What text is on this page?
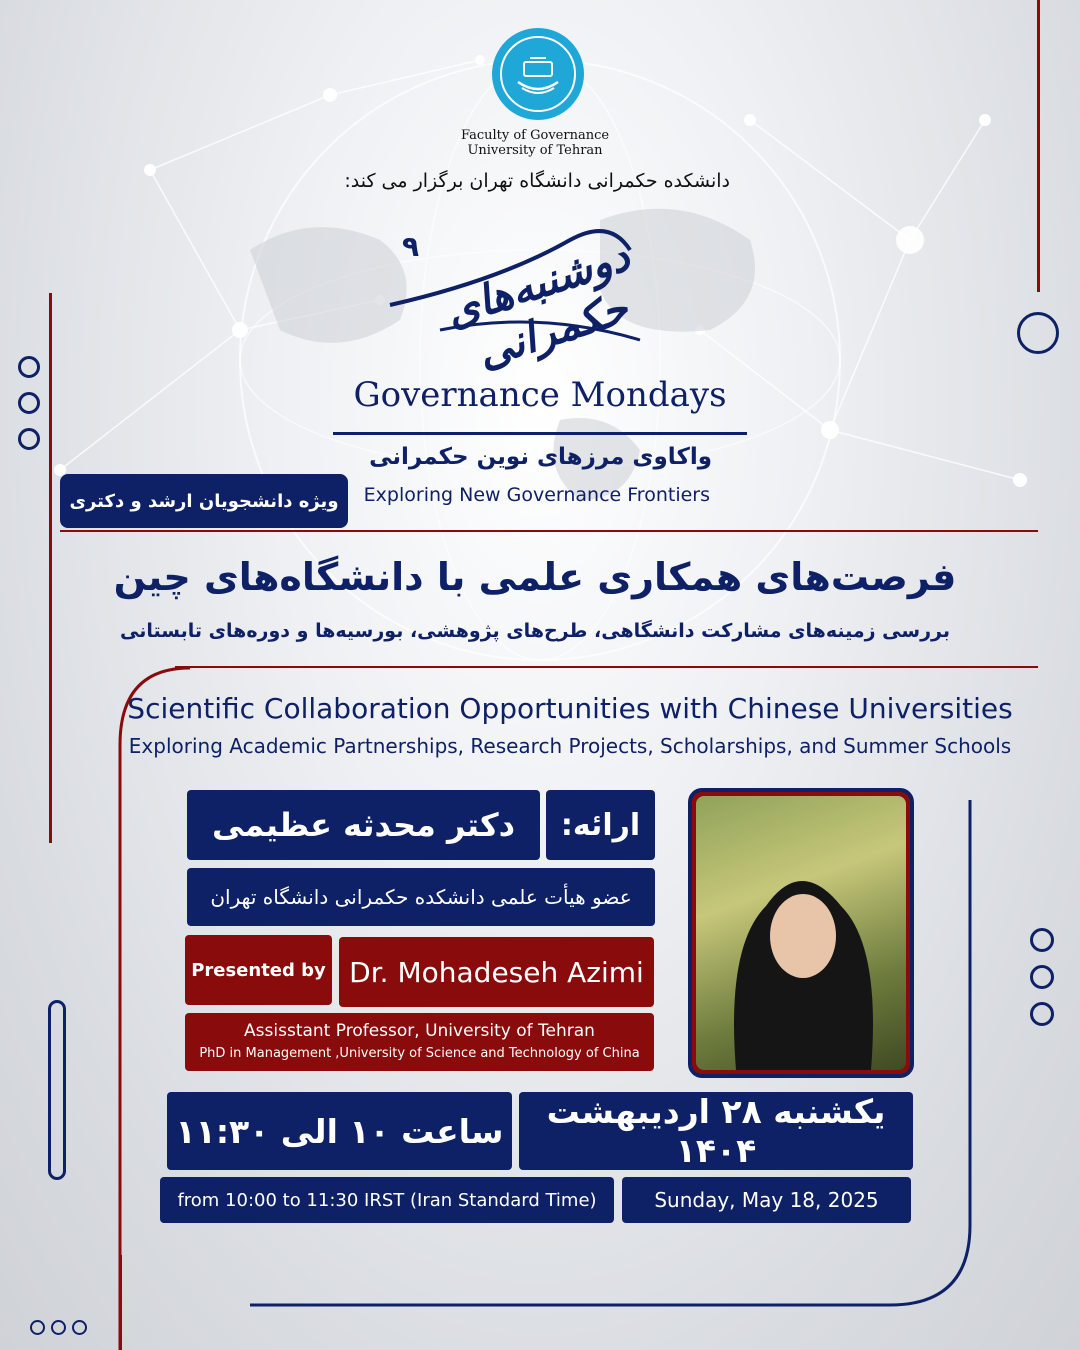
Faculty of Governance
University of Tehran
دانشکده حکمرانی دانشگاه تهران برگزار می کند:
دوشنبه‌های حکمرانی
۹
Governance Mondays
واکاوی مرزهای نوین حکمرانی
Exploring New Governance Frontiers
ویژه دانشجویان ارشد و دکتری
فرصت‌های همکاری علمی با دانشگاه‌های چین
بررسی زمینه‌های مشارکت دانشگاهی، طرح‌های پژوهشی، بورسیه‌ها و دوره‌های تابستانی
Scientific Collaboration Opportunities with Chinese Universities
Exploring Academic Partnerships, Research Projects, Scholarships, and Summer Schools
ارائه:
دکتر محدثه عظیمی
عضو هیأت علمی دانشکده حکمرانی دانشگاه تهران
Presented by Dr. Mohadeseh Azimi
Assisstant Professor, University of Tehran
PhD in Management ,University of Science and Technology of China
یکشنبه ۲۸ اردیبهشت ۱۴۰۴
ساعت ۱۰ الی ۱۱:۳۰
Sunday, May 18, 2025
from 10:00 to 11:30 IRST (Iran Standard Time)
